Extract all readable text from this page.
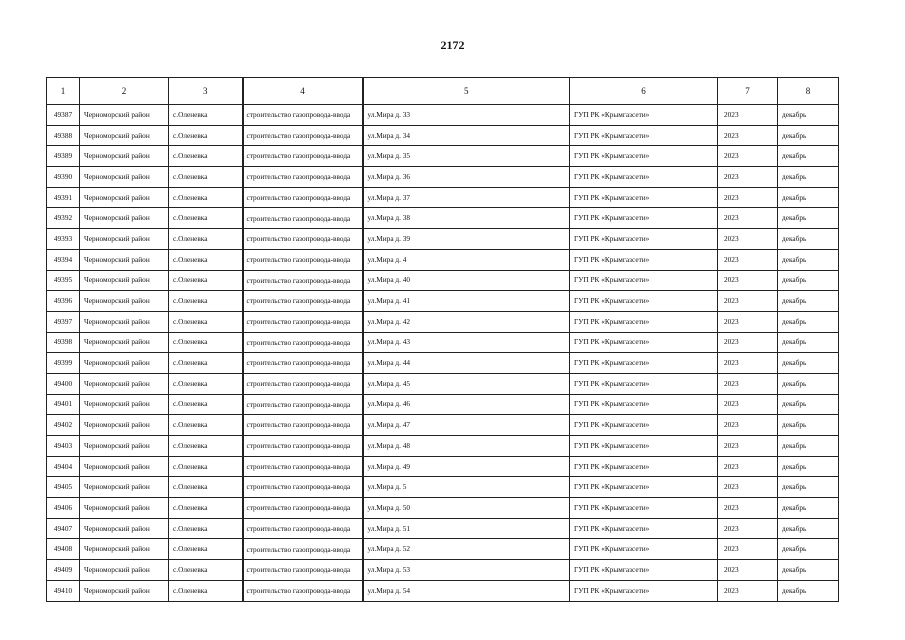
2172
1	2	3	4	5	6	7	8
49387	Черноморский район	с.Оленевка	строительство газопровода-ввода	ул.Мира д. 33	ГУП РК «Крымгазсети»	2023	декабрь
49388	Черноморский район	с.Оленевка	строительство газопровода-ввода	ул.Мира д. 34	ГУП РК «Крымгазсети»	2023	декабрь
49389	Черноморский район	с.Оленевка	строительство газопровода-ввода	ул.Мира д. 35	ГУП РК «Крымгазсети»	2023	декабрь
49390	Черноморский район	с.Оленевка	строительство газопровода-ввода	ул.Мира д. 36	ГУП РК «Крымгазсети»	2023	декабрь
49391	Черноморский район	с.Оленевка	строительство газопровода-ввода	ул.Мира д. 37	ГУП РК «Крымгазсети»	2023	декабрь
49392	Черноморский район	с.Оленевка	строительство газопровода-ввода	ул.Мира д. 38	ГУП РК «Крымгазсети»	2023	декабрь
49393	Черноморский район	с.Оленевка	строительство газопровода-ввода	ул.Мира д. 39	ГУП РК «Крымгазсети»	2023	декабрь
49394	Черноморский район	с.Оленевка	строительство газопровода-ввода	ул.Мира д. 4	ГУП РК «Крымгазсети»	2023	декабрь
49395	Черноморский район	с.Оленевка	строительство газопровода-ввода	ул.Мира д. 40	ГУП РК «Крымгазсети»	2023	декабрь
49396	Черноморский район	с.Оленевка	строительство газопровода-ввода	ул.Мира д. 41	ГУП РК «Крымгазсети»	2023	декабрь
49397	Черноморский район	с.Оленевка	строительство газопровода-ввода	ул.Мира д. 42	ГУП РК «Крымгазсети»	2023	декабрь
49398	Черноморский район	с.Оленевка	строительство газопровода-ввода	ул.Мира д. 43	ГУП РК «Крымгазсети»	2023	декабрь
49399	Черноморский район	с.Оленевка	строительство газопровода-ввода	ул.Мира д. 44	ГУП РК «Крымгазсети»	2023	декабрь
49400	Черноморский район	с.Оленевка	строительство газопровода-ввода	ул.Мира д. 45	ГУП РК «Крымгазсети»	2023	декабрь
49401	Черноморский район	с.Оленевка	строительство газопровода-ввода	ул.Мира д. 46	ГУП РК «Крымгазсети»	2023	декабрь
49402	Черноморский район	с.Оленевка	строительство газопровода-ввода	ул.Мира д. 47	ГУП РК «Крымгазсети»	2023	декабрь
49403	Черноморский район	с.Оленевка	строительство газопровода-ввода	ул.Мира д. 48	ГУП РК «Крымгазсети»	2023	декабрь
49404	Черноморский район	с.Оленевка	строительство газопровода-ввода	ул.Мира д. 49	ГУП РК «Крымгазсети»	2023	декабрь
49405	Черноморский район	с.Оленевка	строительство газопровода-ввода	ул.Мира д. 5	ГУП РК «Крымгазсети»	2023	декабрь
49406	Черноморский район	с.Оленевка	строительство газопровода-ввода	ул.Мира д. 50	ГУП РК «Крымгазсети»	2023	декабрь
49407	Черноморский район	с.Оленевка	строительство газопровода-ввода	ул.Мира д. 51	ГУП РК «Крымгазсети»	2023	декабрь
49408	Черноморский район	с.Оленевка	строительство газопровода-ввода	ул.Мира д. 52	ГУП РК «Крымгазсети»	2023	декабрь
49409	Черноморский район	с.Оленевка	строительство газопровода-ввода	ул.Мира д. 53	ГУП РК «Крымгазсети»	2023	декабрь
49410	Черноморский район	с.Оленевка	строительство газопровода-ввода	ул.Мира д. 54	ГУП РК «Крымгазсети»	2023	декабрь
